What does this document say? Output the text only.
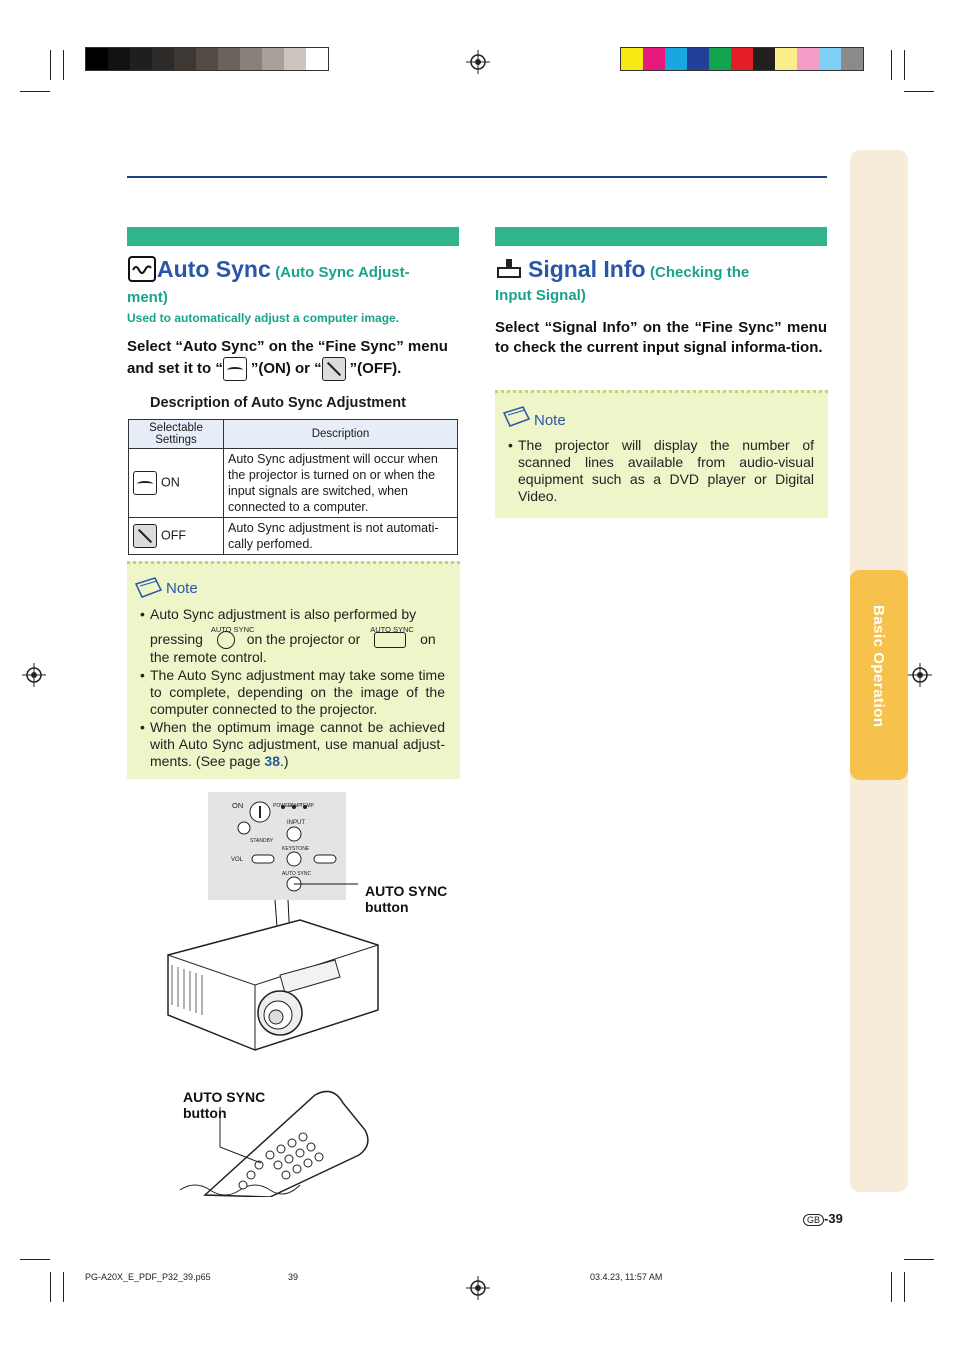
Basic Operation
Auto Sync (Auto Sync Adjust-
ment)
Used to automatically adjust a computer image.
Select “Auto Sync” on the “Fine Sync” menu
and set it to “ ”(ON) or “ ”(OFF).
Description of Auto Sync Adjustment
Selectable Settings	Description
ON	Auto Sync adjustment will occur when the projector is turned on or when the input signals are switched, when connected to a computer.
OFF	Auto Sync adjustment is not automati-cally perfomed.
Note
• Auto Sync adjustment is also performed by
pressing
AUTO SYNC
on the projector or
AUTO SYNC
on
the remote control.
• The Auto Sync adjustment may take some time to complete, depending on the image of the computer connected to the projector.
• When the optimum image cannot be achieved with Auto Sync adjustment, use manual adjust-ments. (See page 38.)
ON	POWER
LAMP
TEMP
INPUT
STANDBY
KEYSTONE
VOL
AUTO SYNC
AUTO SYNC button
AUTO SYNC button
Signal Info (Checking the
Input Signal)
Select “Signal Info” on the “Fine Sync” menu to check the current input signal informa-tion.
Note
• The projector will display the number of scanned lines available from audio-visual equipment such as a DVD player or Digital Video.
GB -39
PG-A20X_E_PDF_P32_39.p65	39	03.4.23, 11:57 AM
